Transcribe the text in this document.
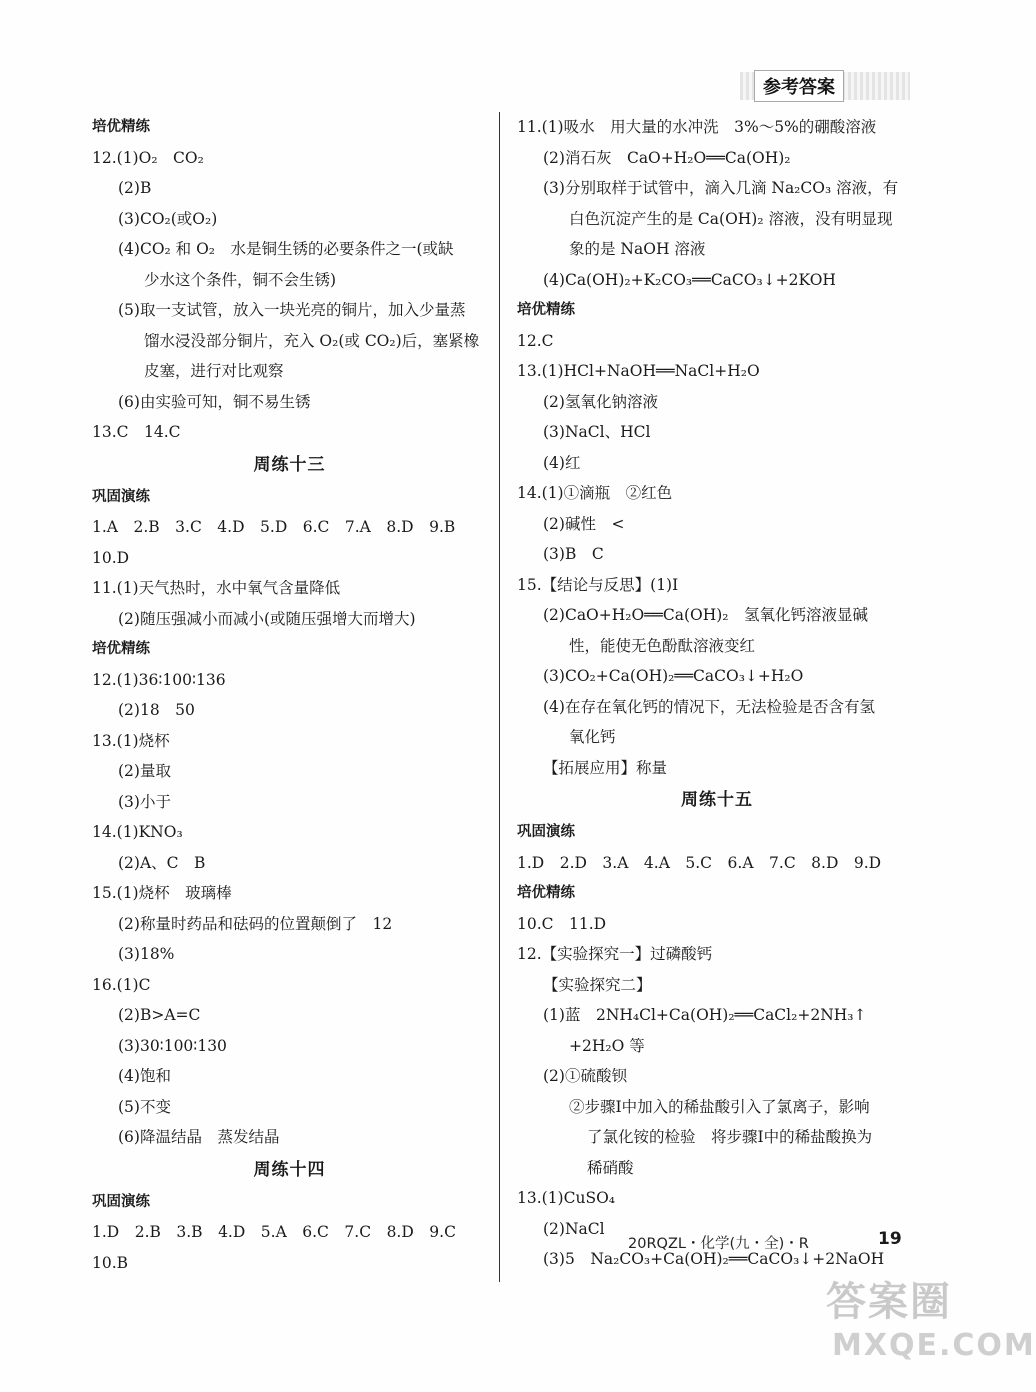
参考答案
培优精练
12.(1)O₂　CO₂
(2)B
(3)CO₂(或O₂)
(4)CO₂ 和 O₂　水是铜生锈的必要条件之一(或缺
少水这个条件，铜不会生锈)
(5)取一支试管，放入一块光亮的铜片，加入少量蒸
馏水浸没部分铜片，充入 O₂(或 CO₂)后，塞紧橡
皮塞，进行对比观察
(6)由实验可知，铜不易生锈
13.C　14.C
周练十三
巩固演练
1.A　2.B　3.C　4.D　5.D　6.C　7.A　8.D　9.B
10.D
11.(1)天气热时，水中氧气含量降低
(2)随压强减小而减小(或随压强增大而增大)
培优精练
12.(1)36∶100∶136
(2)18　50
13.(1)烧杯
(2)量取
(3)小于
14.(1)KNO₃
(2)A、C　B
15.(1)烧杯　玻璃棒
(2)称量时药品和砝码的位置颠倒了　12
(3)18%
16.(1)C
(2)B>A=C
(3)30∶100∶130
(4)饱和
(5)不变
(6)降温结晶　蒸发结晶
周练十四
巩固演练
1.D　2.B　3.B　4.D　5.A　6.C　7.C　8.D　9.C
10.B
11.(1)吸水　用大量的水冲洗　3%～5%的硼酸溶液
(2)消石灰　CaO+H₂O══Ca(OH)₂
(3)分别取样于试管中，滴入几滴 Na₂CO₃ 溶液，有
白色沉淀产生的是 Ca(OH)₂ 溶液，没有明显现
象的是 NaOH 溶液
(4)Ca(OH)₂+K₂CO₃══CaCO₃↓+2KOH
培优精练
12.C
13.(1)HCl+NaOH══NaCl+H₂O
(2)氢氧化钠溶液
(3)NaCl、HCl
(4)红
14.(1)①滴瓶　②红色
(2)碱性　<
(3)B　C
15.【结论与反思】(1)Ⅰ
(2)CaO+H₂O══Ca(OH)₂　氢氧化钙溶液显碱
性，能使无色酚酞溶液变红
(3)CO₂+Ca(OH)₂══CaCO₃↓+H₂O
(4)在存在氧化钙的情况下，无法检验是否含有氢
氧化钙
【拓展应用】称量
周练十五
巩固演练
1.D　2.D　3.A　4.A　5.C　6.A　7.C　8.D　9.D
培优精练
10.C　11.D
12.【实验探究一】过磷酸钙
【实验探究二】
(1)蓝　2NH₄Cl+Ca(OH)₂══CaCl₂+2NH₃↑
+2H₂O 等
(2)①硫酸钡
②步骤Ⅰ中加入的稀盐酸引入了氯离子，影响
了氯化铵的检验　将步骤Ⅰ中的稀盐酸换为
稀硝酸
13.(1)CuSO₄
(2)NaCl
(3)5　Na₂CO₃+Ca(OH)₂══CaCO₃↓+2NaOH
20RQZL・化学(九・全)・R	19
答案圈
MXQE.COM
